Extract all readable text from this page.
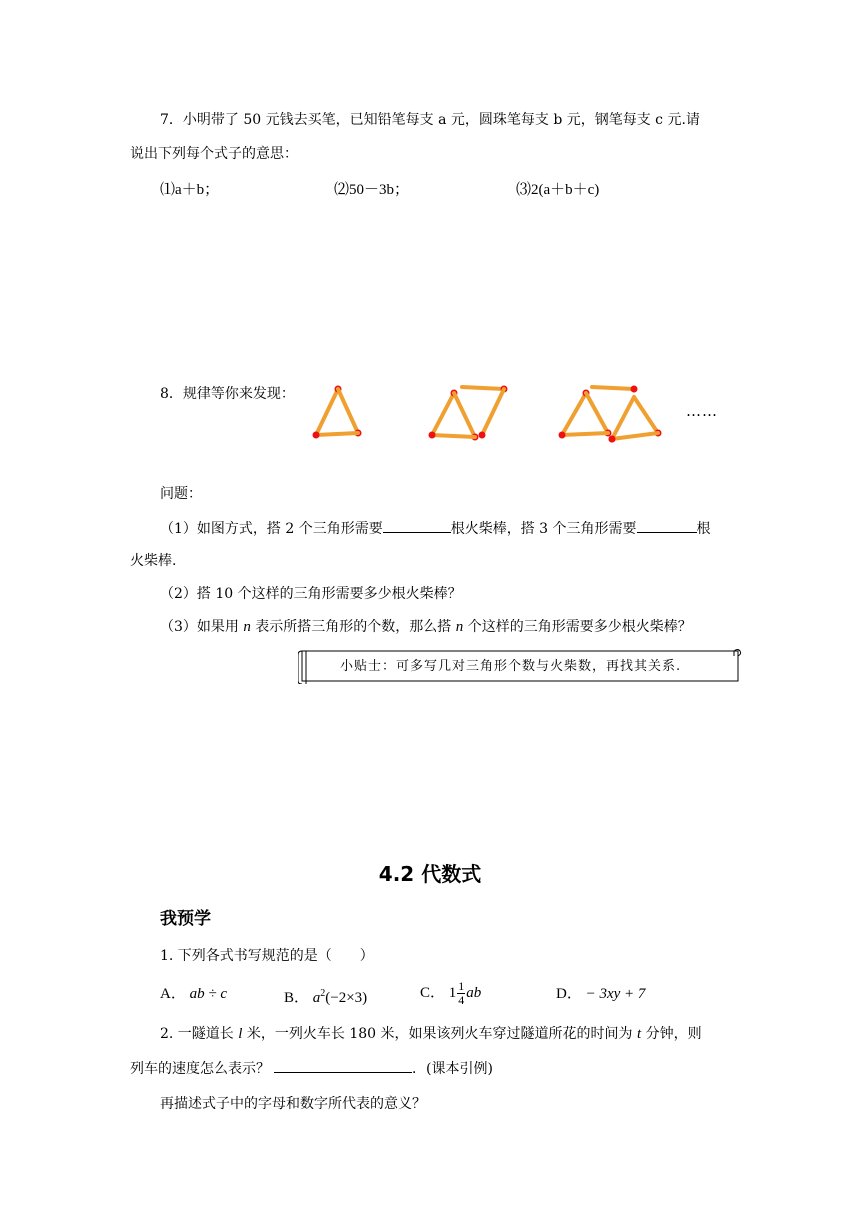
7．小明带了 50 元钱去买笔，已知铅笔每支 a 元，圆珠笔每支 b 元，钢笔每支 c 元.请
说出下列每个式子的意思：
⑴a＋b；	⑵50－3b；	⑶2(a＋b＋c)
8．规律等你来发现：
……
问题：
（1）如图方式，搭 2 个三角形需要	根火柴棒，搭 3 个三角形需要	根
火柴棒.
（2）搭 10 个这样的三角形需要多少根火柴棒？
（3）如果用 n 表示所搭三角形的个数，那么搭 n 个这样的三角形需要多少根火柴棒？
小贴士：可多写几对三角形个数与火柴数，再找其关系.
4.2 代数式
我预学
1. 下列各式书写规范的是（　　）
A． ab ÷ c	B． $a^2(-2\times 3)$	C． $1 \frac{1}{4}$ ab	D． − 3xy + 7
2. 一隧道长 l 米，一列火车长 180 米，如果该列火车穿过隧道所花的时间为 t 分钟，则
列车的速度怎么表示？	．(课本引例)
再描述式子中的字母和数字所代表的意义？
